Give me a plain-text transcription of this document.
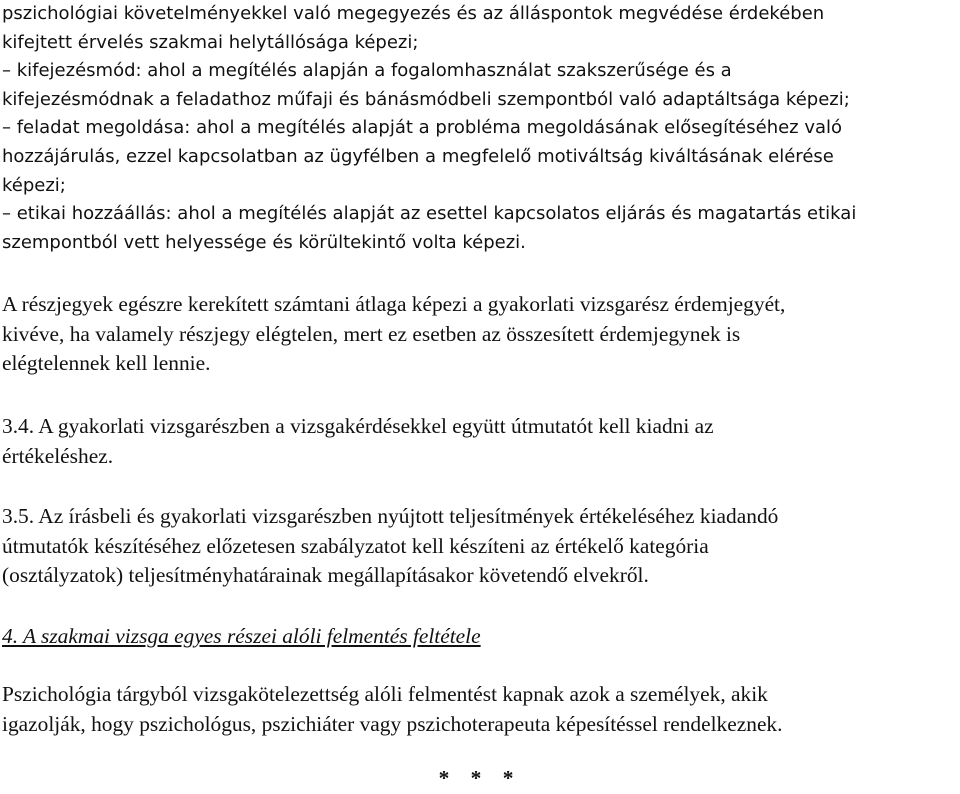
pszichológiai követelményekkel való megegyezés és az álláspontok megvédése érdekében

kifejtett érvelés szakmai helytállósága képezi;

– kifejezésmód: ahol a megítélés alapján a fogalomhasználat szakszerűsége és a

kifejezésmódnak a feladathoz műfaji és bánásmódbeli szempontból való adaptáltsága képezi;

– feladat megoldása: ahol a megítélés alapját a probléma megoldásának elősegítéséhez való

hozzájárulás, ezzel kapcsolatban az ügyfélben a megfelelő motiváltság kiváltásának elérése

képezi;

– etikai hozzáállás: ahol a megítélés alapját az esettel kapcsolatos eljárás és magatartás etikai

szempontból vett helyessége és körültekintő volta képezi.

A részjegyek egészre kerekített számtani átlaga képezi a gyakorlati vizsgarész érdemjegyét,

kivéve, ha valamely részjegy elégtelen, mert ez esetben az összesített érdemjegynek is

elégtelennek kell lennie.

3.4. A gyakorlati vizsgarészben a vizsgakérdésekkel együtt útmutatót kell kiadni az

értékeléshez.

3.5. Az írásbeli és gyakorlati vizsgarészben nyújtott teljesítmények értékeléséhez kiadandó

útmutatók készítéséhez előzetesen szabályzatot kell készíteni az értékelő kategória

(osztályzatok) teljesítményhatárainak megállapításakor követendő elvekről.

4. A szakmai vizsga egyes részei alóli felmentés feltétele

Pszichológia tárgyból vizsgakötelezettség alóli felmentést kapnak azok a személyek, akik

igazolják, hogy pszichológus, pszichiáter vagy pszichoterapeuta képesítéssel rendelkeznek.

* * *
